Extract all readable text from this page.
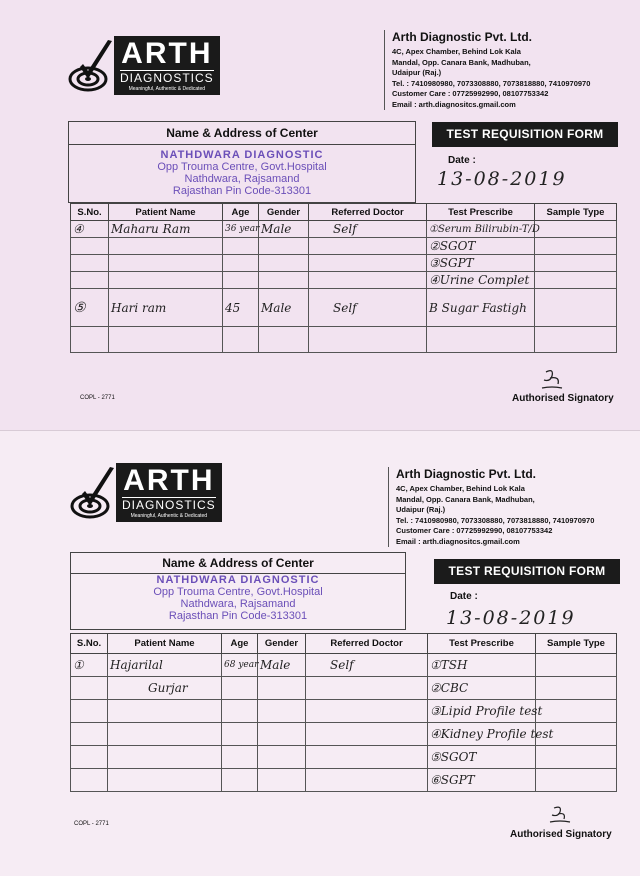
ARTH
DIAGNOSTICS
Meaningful, Authentic & Dedicated
Arth Diagnostic Pvt. Ltd.
4C, Apex Chamber, Behind Lok Kala
Mandal, Opp. Canara Bank, Madhuban,
Udaipur (Raj.)
Tel. : 7410980980, 7073308880, 7073818880, 7410970970
Customer Care : 07725992990, 08107753342
Email : arth.diagnositcs.gmail.com
Name & Address of Center
NATHDWARA DIAGNOSTIC
Opp Trouma Centre, Govt.Hospital
Nathdwara, Rajsamand
Rajasthan Pin Code-313301
TEST REQUISITION FORM
Date :
13-08-2019
S.No.	Patient Name	Age	Gender	Referred Doctor	Test Prescribe	Sample Type
④	Maharu Ram	36 year	Male	Self	①Serum Bilirubin-T/D	
					②SGOT	
					③SGPT	
					④Urine Complet	
⑤	Hari ram	45	Male	Self	B Sugar Fastigh	

COPL - 2771	Authorised Signatory
ARTH
DIAGNOSTICS
Meaningful, Authentic & Dedicated
Arth Diagnostic Pvt. Ltd.
4C, Apex Chamber, Behind Lok Kala
Mandal, Opp. Canara Bank, Madhuban,
Udaipur (Raj.)
Tel. : 7410980980, 7073308880, 7073818880, 7410970970
Customer Care : 07725992990, 08107753342
Email : arth.diagnositcs.gmail.com
Name & Address of Center
NATHDWARA DIAGNOSTIC
Opp Trouma Centre, Govt.Hospital
Nathdwara, Rajsamand
Rajasthan Pin Code-313301
TEST REQUISITION FORM
Date :
13-08-2019
S.No.	Patient Name	Age	Gender	Referred Doctor	Test Prescribe	Sample Type
①	Hajarilal	68 year	Male	Self	①TSH	
	Gurjar				②CBC	
					③Lipid Profile test	
					④Kidney Profile test	
					⑤SGOT	
					⑥SGPT	
COPL - 2771
Authorised Signatory
